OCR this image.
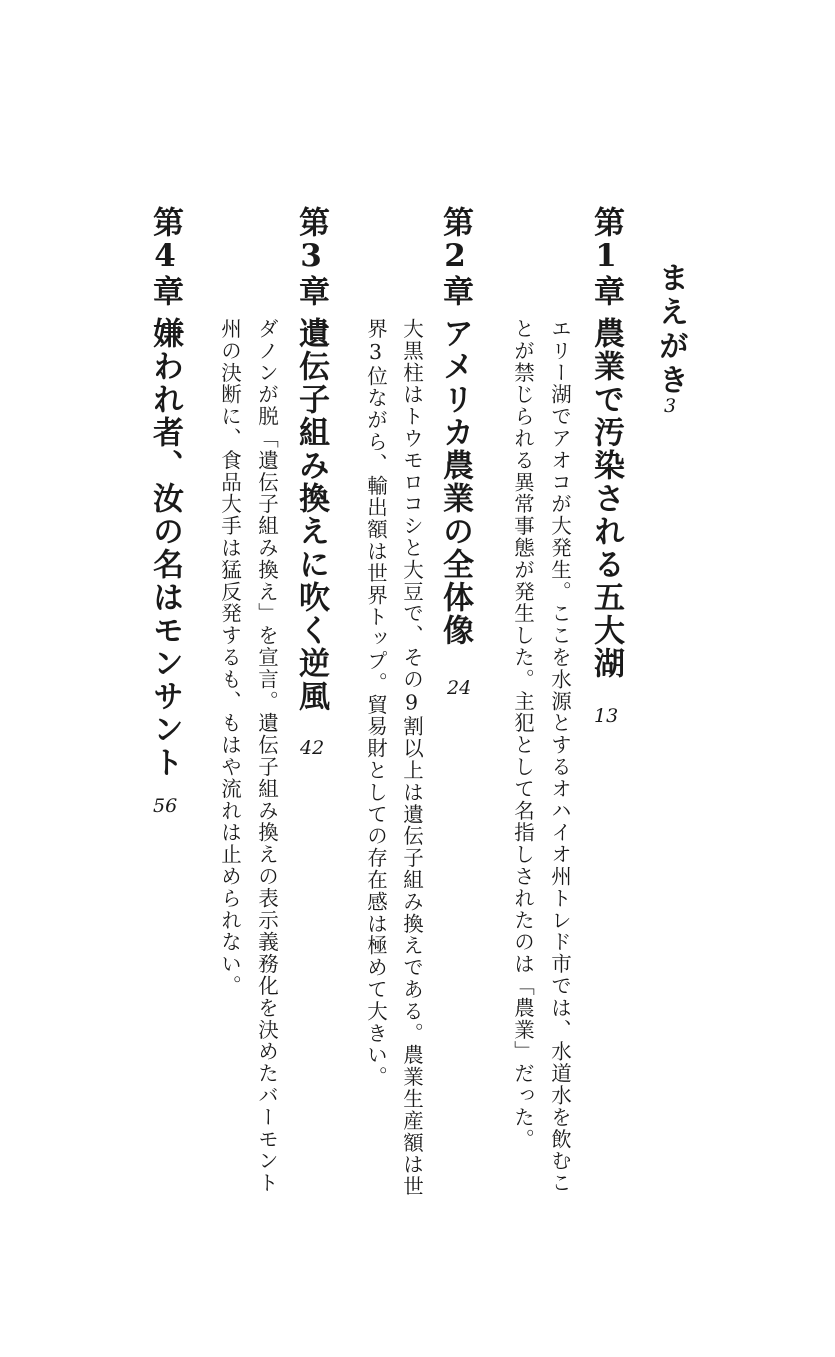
まえがき
3
第1章
農業で汚染される五大湖
13
エリー湖でアオコが大発生。ここを水源とするオハイオ州トレド市では、水道水を飲むこ
とが禁じられる異常事態が発生した。主犯として名指しされたのは「農業」だった。
第2章
アメリカ農業の全体像
24
大黒柱はトウモロコシと大豆で、その9割以上は遺伝子組み換えである。農業生産額は世
界3位ながら、輸出額は世界トップ。貿易財としての存在感は極めて大きい。
第3章
遺伝子組み換えに吹く逆風
42
ダノンが脱「遺伝子組み換え」を宣言。遺伝子組み換えの表示義務化を決めたバーモント
州の決断に、食品大手は猛反発するも、もはや流れは止められない。
第4章
嫌われ者、汝の名はモンサント
56
